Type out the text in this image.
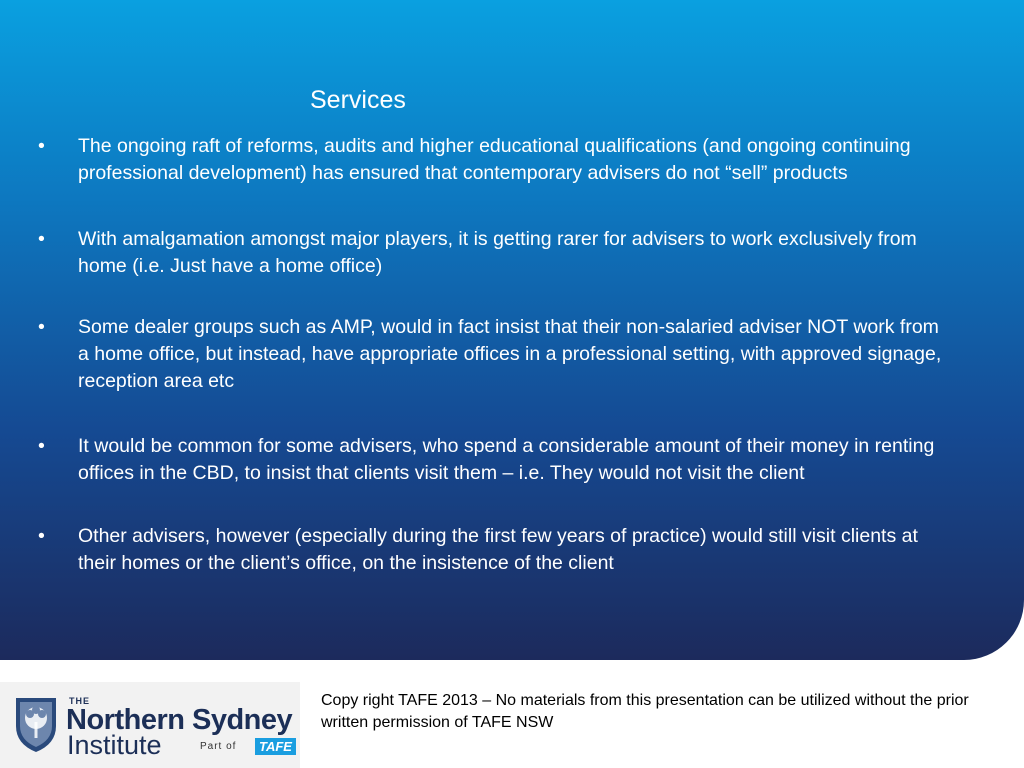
Services
•	The ongoing raft of reforms, audits and higher educational qualifications (and ongoing continuing professional development) has ensured that contemporary advisers do not “sell” products
•	With amalgamation amongst major players, it is getting rarer for advisers to work exclusively from home (i.e. Just have a home office)
•	Some dealer groups such as AMP, would in fact insist that their non-salaried adviser NOT work from a home office, but instead, have appropriate offices in a professional setting, with approved signage, reception area etc
•	It would be common for some advisers, who spend a considerable amount of their money in renting offices in the CBD, to insist that clients visit them – i.e. They would not visit the client
•	Other advisers, however (especially during the first few years of practice) would still visit clients at their homes or the client’s office, on the insistence of the client
THE
Northern Sydney
Institute	Part of	TAFE
Copy right TAFE 2013 – No materials from this presentation can be utilized without the prior written permission of TAFE NSW
